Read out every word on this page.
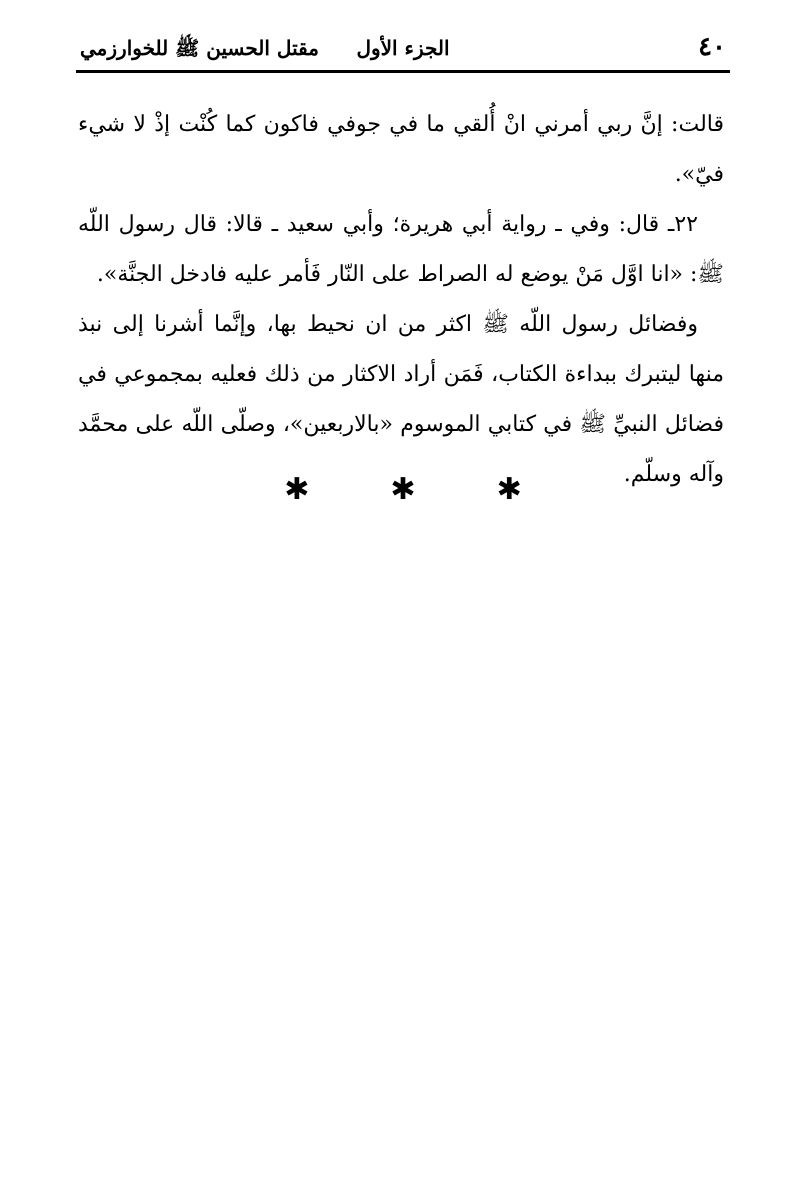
٤٠
الجزء الأول
مقتل الحسين ﷺ للخوارزمي

قالت: إنَّ ربي أمرني انْ أُلقي ما في جوفي فاكون كما كُنْت إذْ لا شيء فيّ».

٢٢ـ قال: وفي ـ رواية أبي هريرة؛ وأبي سعيد ـ قالا: قال رسول اللّه ﷺ: «انا اوَّل مَنْ يوضع له الصراط على النّار فَأمر عليه فادخل الجنَّة».

وفضائل رسول اللّه ﷺ اكثر من ان نحيط بها، وإنَّما أشرنا إلى نبذ منها ليتبرك ببداءة الكتاب، فَمَن أراد الاكثار من ذلك فعليه بمجموعي في فضائل النبيِّ ﷺ في كتابي الموسوم «بالاربعين»، وصلّى اللّه على محمَّد وآله وسلّم.

✱ ✱ ✱
